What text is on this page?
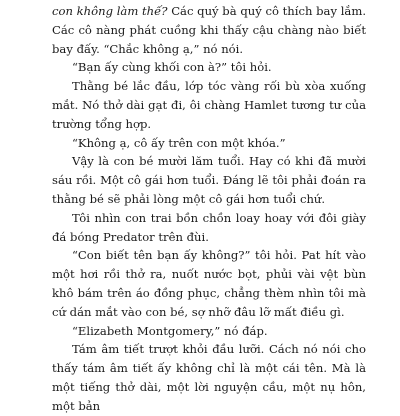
con không làm thế? Các quý bà quý cô thích bay lắm. Các cô nàng phát cuồng khi thấy cậu chàng nào biết bay đấy. “Chắc không ạ,” nó nói.

“Bạn ấy cùng khối con à?” tôi hỏi.

Thằng bé lắc đầu, lớp tóc vàng rối bù xòa xuống mắt. Nó thở dài gạt đi, ôi chàng Hamlet tương tư của trường tổng hợp.

“Không ạ, cô ấy trên con một khóa.”

Vậy là con bé mười lăm tuổi. Hay có khi đã mười sáu rồi. Một cô gái hơn tuổi. Đáng lẽ tôi phải đoán ra thằng bé sẽ phải lòng một cô gái hơn tuổi chứ.

Tôi nhìn con trai bồn chồn loay hoay với đôi giày đá bóng Predator trên đùi.

“Con biết tên bạn ấy không?” tôi hỏi. Pat hít vào một hơi rồi thở ra, nuốt nước bọt, phủi vài vệt bùn khô bám trên áo đồng phục, chẳng thèm nhìn tôi mà cứ dán mắt vào con bé, sợ nhỡ đâu lỡ mất điều gì.

“Elizabeth Montgomery,” nó đáp.

Tám âm tiết trượt khỏi đầu lưỡi. Cách nó nói cho thấy tám âm tiết ấy không chỉ là một cái tên. Mà là một tiếng thở dài, một lời nguyện cầu, một nụ hôn, một bản
